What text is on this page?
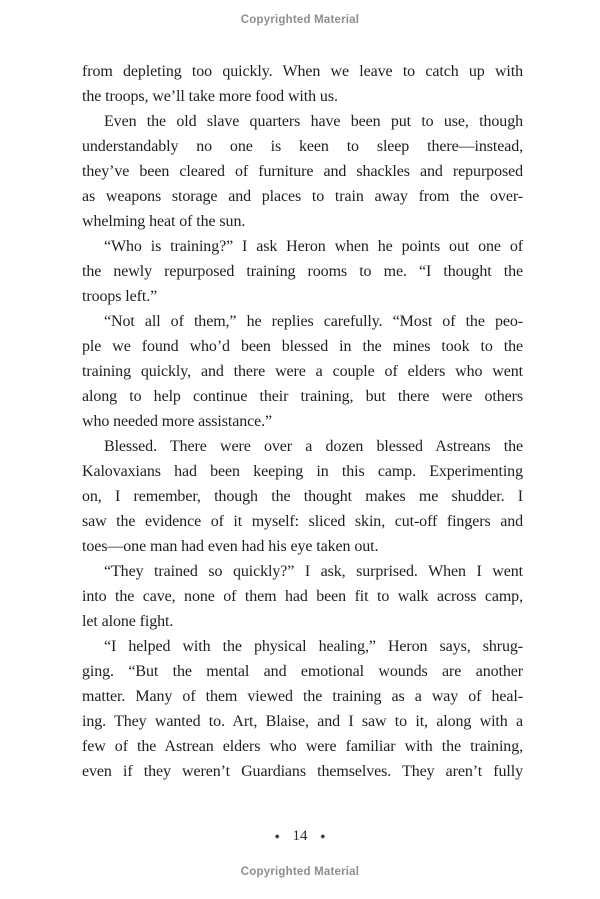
Copyrighted Material
from depleting too quickly. When we leave to catch up with
the troops, we’ll take more food with us.
Even the old slave quarters have been put to use, though
understandably no one is keen to sleep there—instead,
they’ve been cleared of furniture and shackles and repurposed
as weapons storage and places to train away from the over-
whelming heat of the sun.
“Who is training?” I ask Heron when he points out one of
the newly repurposed training rooms to me. “I thought the
troops left.”
“Not all of them,” he replies carefully. “Most of the peo-
ple we found who’d been blessed in the mines took to the
training quickly, and there were a couple of elders who went
along to help continue their training, but there were others
who needed more assistance.”
Blessed. There were over a dozen blessed Astreans the
Kalovaxians had been keeping in this camp. Experimenting
on, I remember, though the thought makes me shudder. I
saw the evidence of it myself: sliced skin, cut-off fingers and
toes—one man had even had his eye taken out.
“They trained so quickly?” I ask, surprised. When I went
into the cave, none of them had been fit to walk across camp,
let alone fight.
“I helped with the physical healing,” Heron says, shrug-
ging. “But the mental and emotional wounds are another
matter. Many of them viewed the training as a way of heal-
ing. They wanted to. Art, Blaise, and I saw to it, along with a
few of the Astrean elders who were familiar with the training,
even if they weren’t Guardians themselves. They aren’t fully
◆ 14 ◆
Copyrighted Material
